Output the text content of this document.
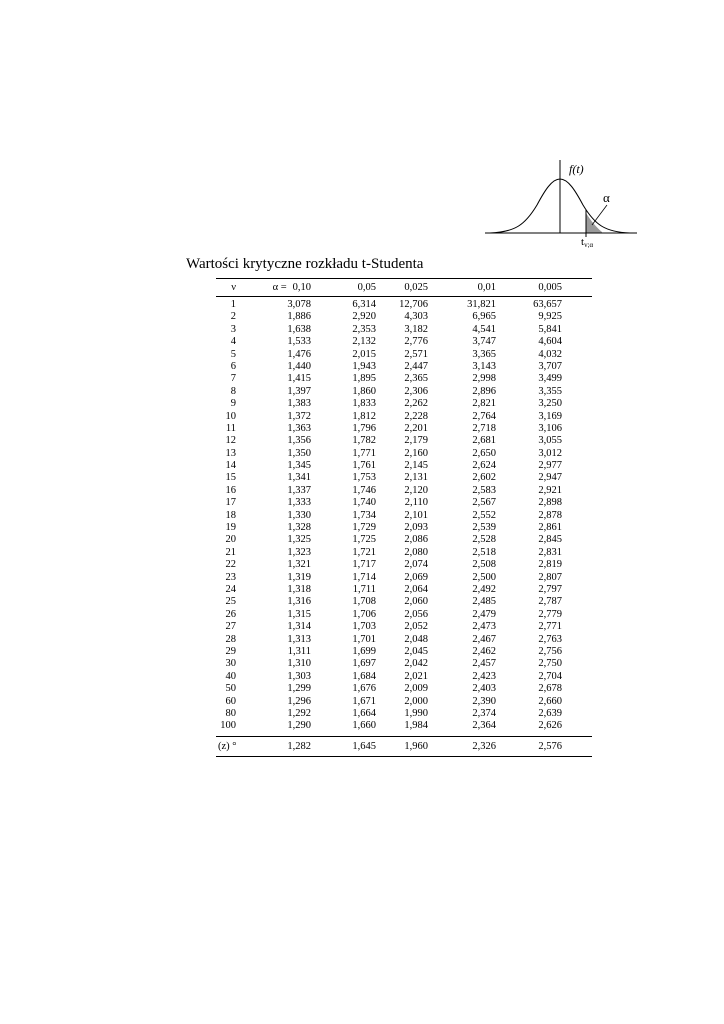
f(t)
α
$t_{v;\alpha}$
Wartości krytyczne rozkładu t-Studenta
ν	α = 0,10	0,05	0,025	0,01	0,005
1	3,078	6,314	12,706	31,821	63,657
2	1,886	2,920	4,303	6,965	9,925
3	1,638	2,353	3,182	4,541	5,841
4	1,533	2,132	2,776	3,747	4,604
5	1,476	2,015	2,571	3,365	4,032
6	1,440	1,943	2,447	3,143	3,707
7	1,415	1,895	2,365	2,998	3,499
8	1,397	1,860	2,306	2,896	3,355
9	1,383	1,833	2,262	2,821	3,250
10	1,372	1,812	2,228	2,764	3,169
11	1,363	1,796	2,201	2,718	3,106
12	1,356	1,782	2,179	2,681	3,055
13	1,350	1,771	2,160	2,650	3,012
14	1,345	1,761	2,145	2,624	2,977
15	1,341	1,753	2,131	2,602	2,947
16	1,337	1,746	2,120	2,583	2,921
17	1,333	1,740	2,110	2,567	2,898
18	1,330	1,734	2,101	2,552	2,878
19	1,328	1,729	2,093	2,539	2,861
20	1,325	1,725	2,086	2,528	2,845
21	1,323	1,721	2,080	2,518	2,831
22	1,321	1,717	2,074	2,508	2,819
23	1,319	1,714	2,069	2,500	2,807
24	1,318	1,711	2,064	2,492	2,797
25	1,316	1,708	2,060	2,485	2,787
26	1,315	1,706	2,056	2,479	2,779
27	1,314	1,703	2,052	2,473	2,771
28	1,313	1,701	2,048	2,467	2,763
29	1,311	1,699	2,045	2,462	2,756
30	1,310	1,697	2,042	2,457	2,750
40	1,303	1,684	2,021	2,423	2,704
50	1,299	1,676	2,009	2,403	2,678
60	1,296	1,671	2,000	2,390	2,660
80	1,292	1,664	1,990	2,374	2,639
100	1,290	1,660	1,984	2,364	2,626
(z) °	1,282	1,645	1,960	2,326	2,576
